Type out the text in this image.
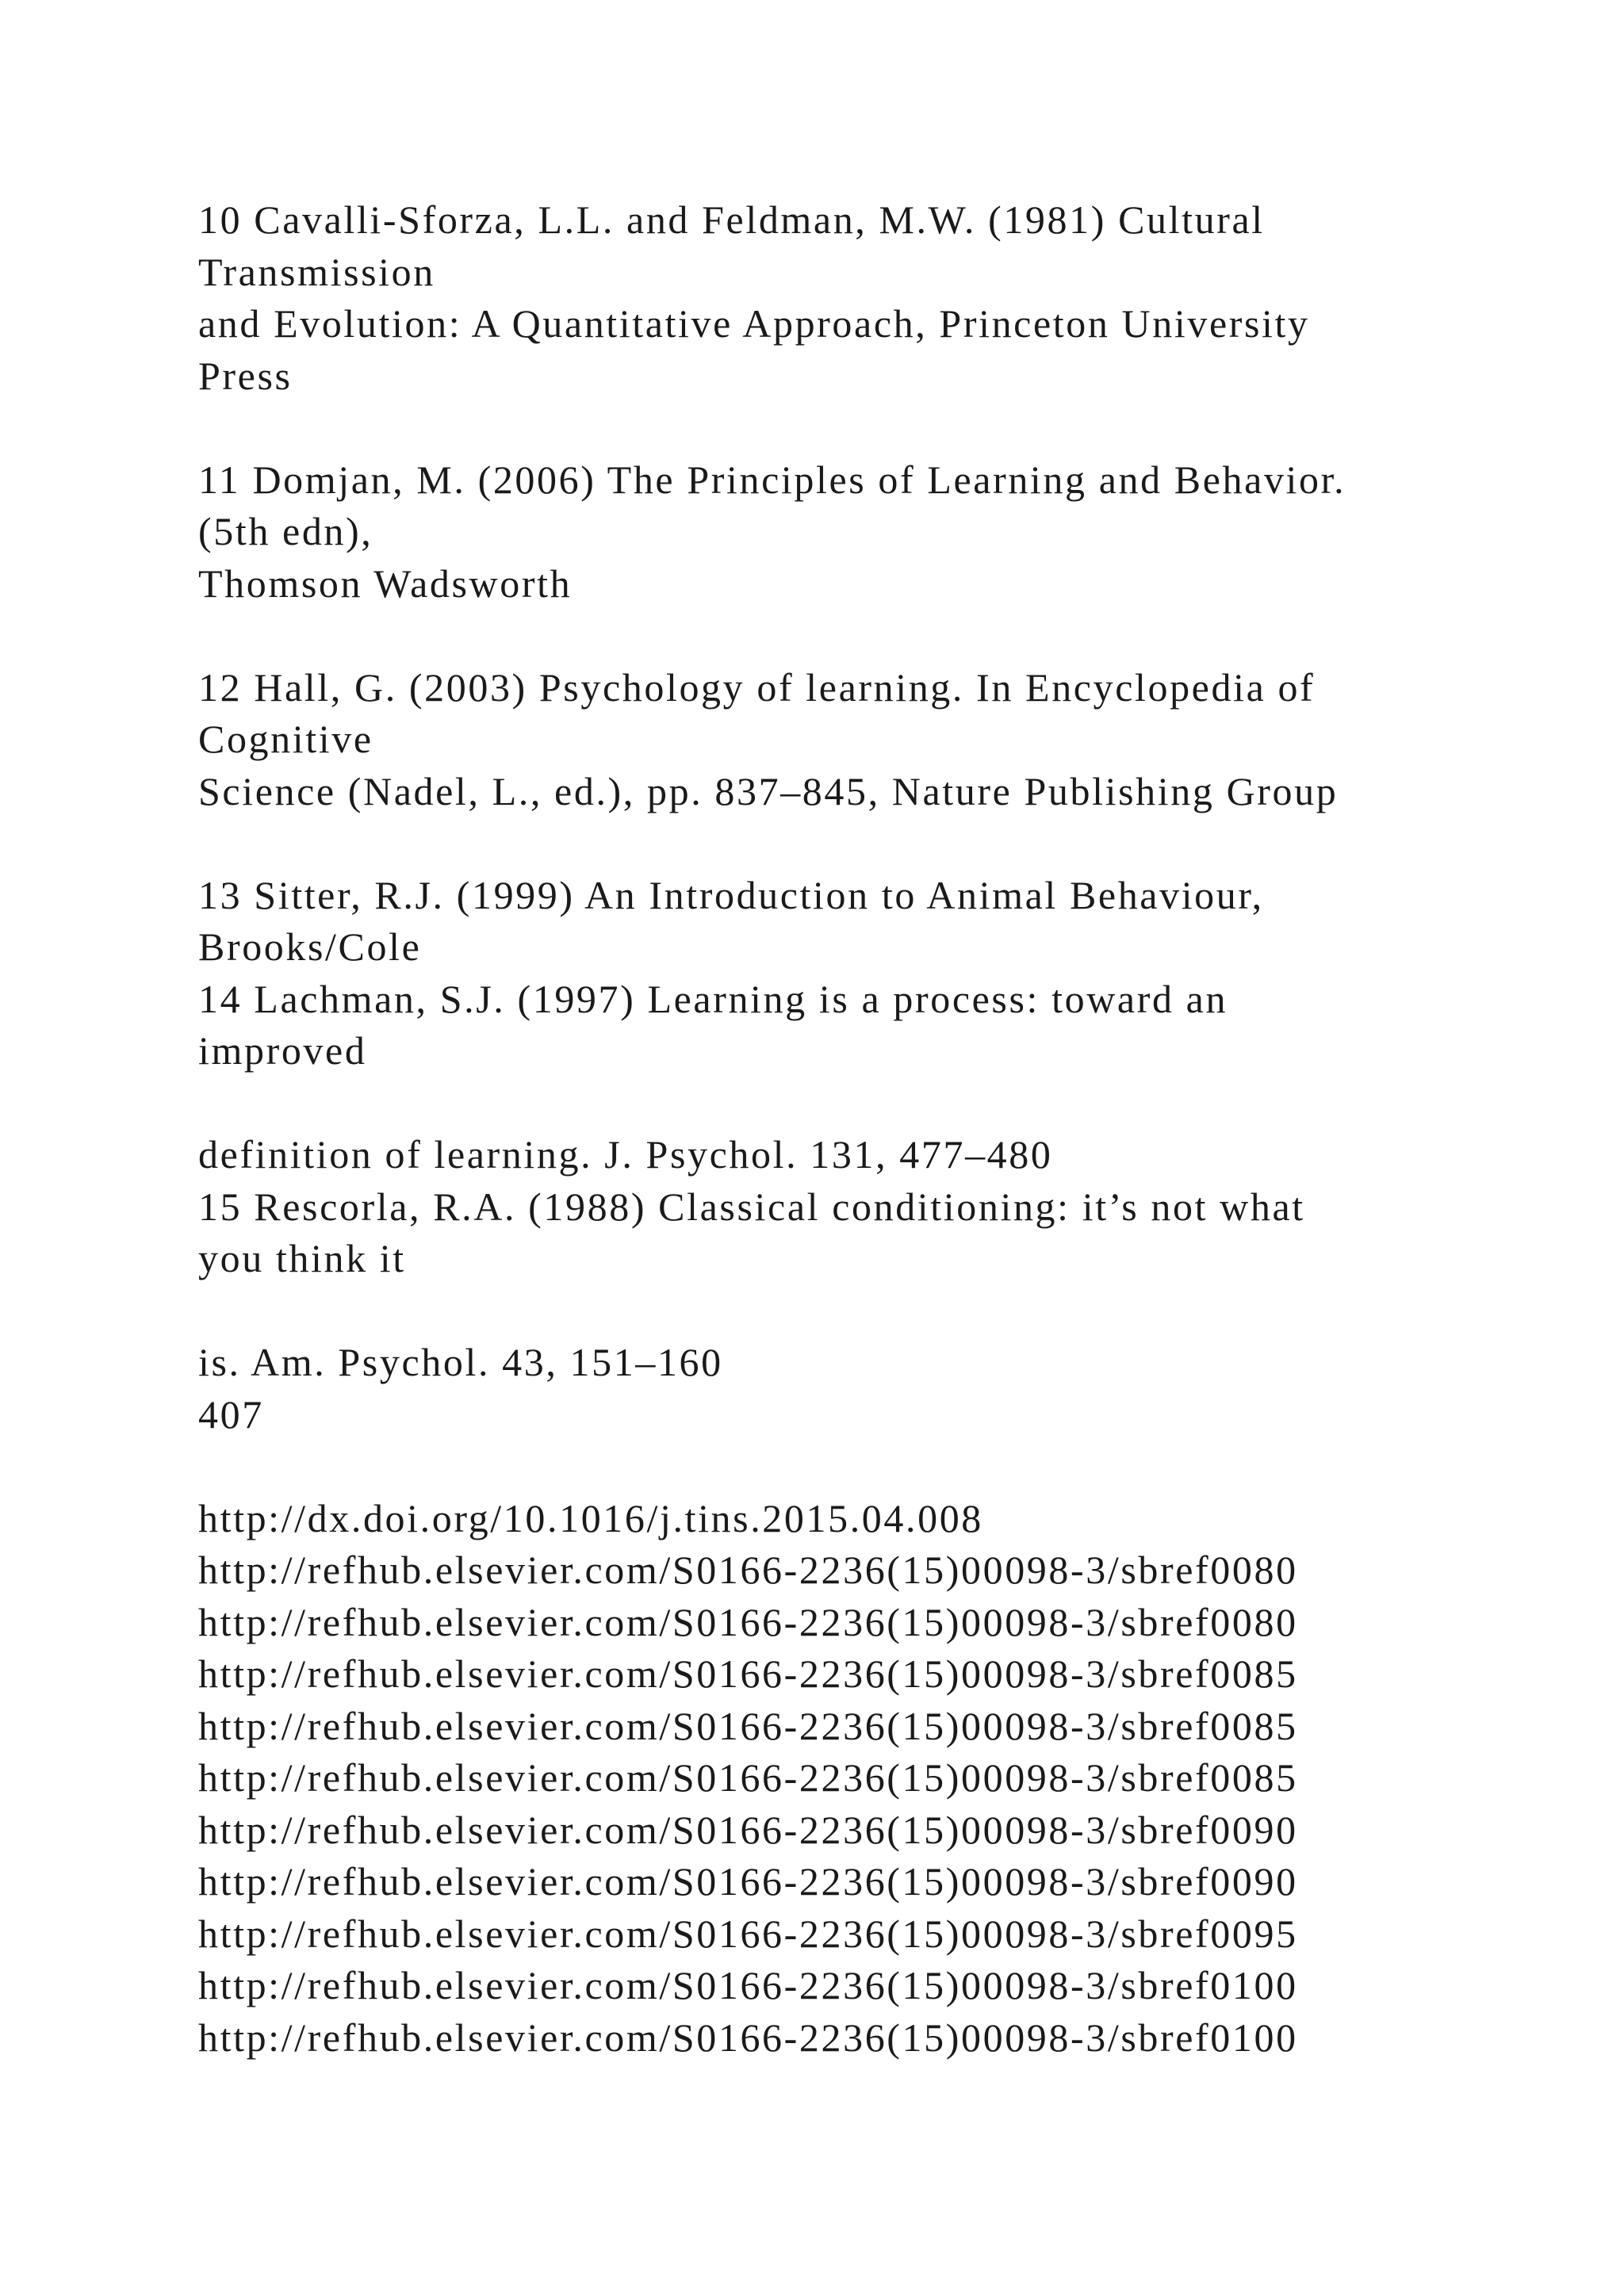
10 Cavalli-Sforza, L.L. and Feldman, M.W. (1981) Cultural
Transmission
and Evolution: A Quantitative Approach, Princeton University
Press
11 Domjan, M. (2006) The Principles of Learning and Behavior.
(5th edn),
Thomson Wadsworth
12 Hall, G. (2003) Psychology of learning. In Encyclopedia of
Cognitive
Science (Nadel, L., ed.), pp. 837–845, Nature Publishing Group
13 Sitter, R.J. (1999) An Introduction to Animal Behaviour,
Brooks/Cole
14 Lachman, S.J. (1997) Learning is a process: toward an
improved
definition of learning. J. Psychol. 131, 477–480
15 Rescorla, R.A. (1988) Classical conditioning: it’s not what
you think it
is. Am. Psychol. 43, 151–160
407
http://dx.doi.org/10.1016/j.tins.2015.04.008
http://refhub.elsevier.com/S0166-2236(15)00098-3/sbref0080
http://refhub.elsevier.com/S0166-2236(15)00098-3/sbref0080
http://refhub.elsevier.com/S0166-2236(15)00098-3/sbref0085
http://refhub.elsevier.com/S0166-2236(15)00098-3/sbref0085
http://refhub.elsevier.com/S0166-2236(15)00098-3/sbref0085
http://refhub.elsevier.com/S0166-2236(15)00098-3/sbref0090
http://refhub.elsevier.com/S0166-2236(15)00098-3/sbref0090
http://refhub.elsevier.com/S0166-2236(15)00098-3/sbref0095
http://refhub.elsevier.com/S0166-2236(15)00098-3/sbref0100
http://refhub.elsevier.com/S0166-2236(15)00098-3/sbref0100
